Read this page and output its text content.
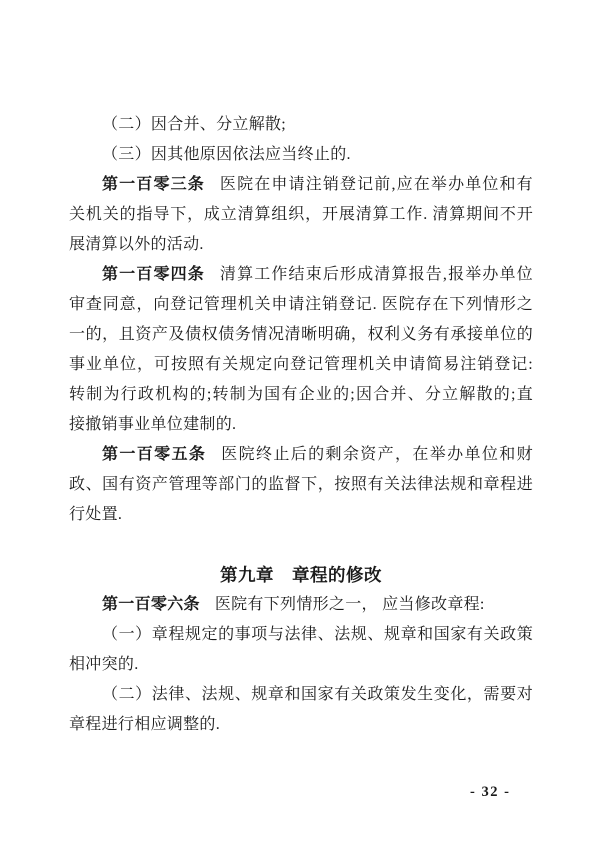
（二）因合并、分立解散;
（三）因其他原因依法应当终止的.
第一百零三条 医院在申请注销登记前,应在举办单位和有
关机关的指导下，成立清算组织，开展清算工作. 清算期间不开
展清算以外的活动.
第一百零四条 清算工作结束后形成清算报告,报举办单位
审查同意，向登记管理机关申请注销登记. 医院存在下列情形之
一的，且资产及债权债务情况清晰明确，权利义务有承接单位的
事业单位，可按照有关规定向登记管理机关申请简易注销登记:
转制为行政机构的;转制为国有企业的;因合并、分立解散的;直
接撤销事业单位建制的.
第一百零五条 医院终止后的剩余资产，在举办单位和财
政、国有资产管理等部门的监督下，按照有关法律法规和章程进
行处置.
第九章　章程的修改
第一百零六条 医院有下列情形之一， 应当修改章程:
（一）章程规定的事项与法律、法规、规章和国家有关政策
相冲突的.
（二）法律、法规、规章和国家有关政策发生变化，需要对
章程进行相应调整的.
- 32 -
